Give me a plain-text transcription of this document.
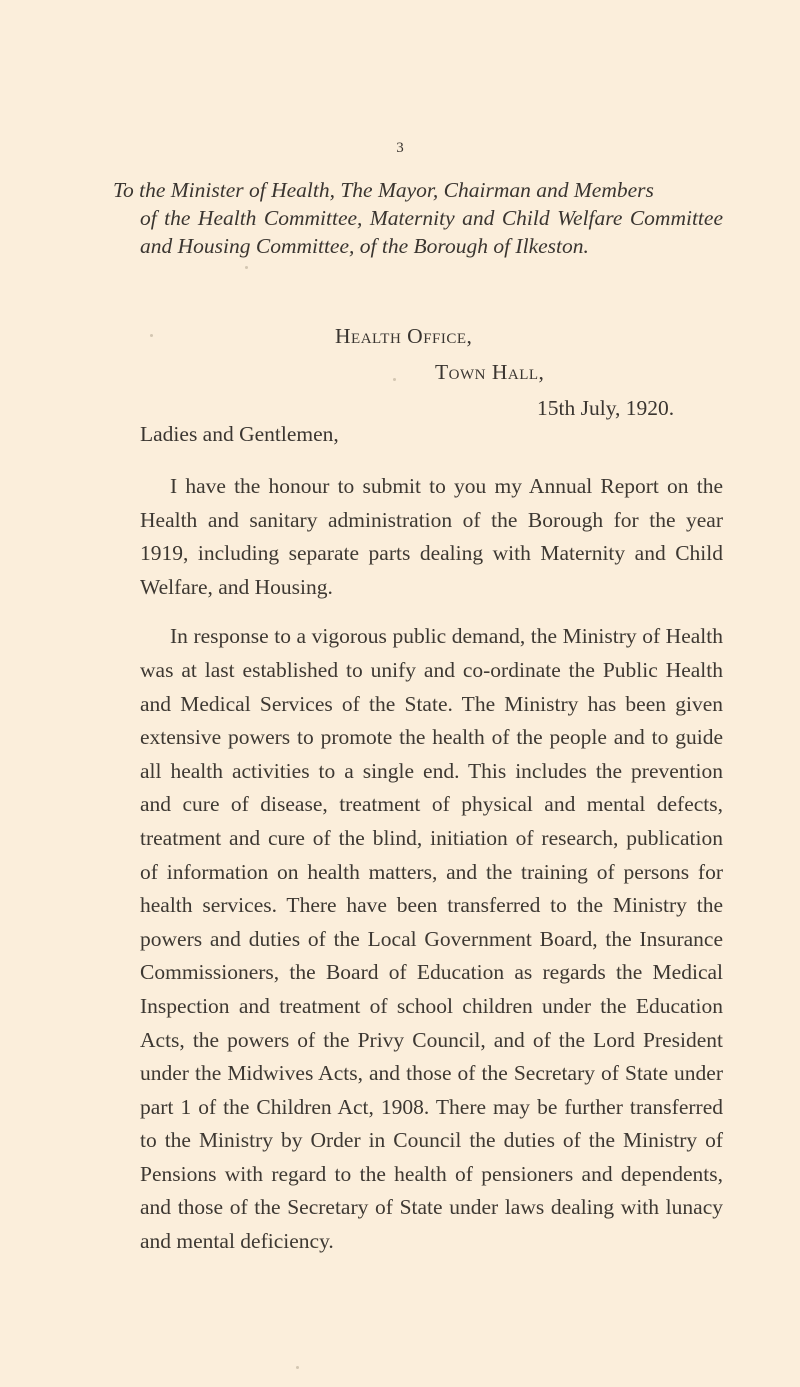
3

To the Minister of Health, The Mayor, Chairman and Members

of the Health Committee, Maternity and Child Welfare Committee and Housing Committee, of the Borough of Ilkeston.

Health Office,
Town Hall,
15th July, 1920.
Ladies and Gentlemen,

I have the honour to submit to you my Annual Report on the Health and sanitary administration of the Borough for the year 1919, including separate parts dealing with Maternity and Child Welfare, and Housing.

In response to a vigorous public demand, the Ministry of Health was at last established to unify and co-ordinate the Public Health and Medical Services of the State. The Ministry has been given extensive powers to promote the health of the people and to guide all health activities to a single end. This includes the prevention and cure of disease, treatment of physical and mental defects, treatment and cure of the blind, initiation of research, publication of information on health matters, and the training of persons for health services. There have been transferred to the Ministry the powers and duties of the Local Government Board, the Insurance Commissioners, the Board of Education as regards the Medical Inspection and treatment of school children under the Education Acts, the powers of the Privy Council, and of the Lord President under the Midwives Acts, and those of the Secretary of State under part 1 of the Children Act, 1908. There may be further transferred to the Ministry by Order in Council the duties of the Ministry of Pensions with regard to the health of pensioners and dependents, and those of the Secretary of State under laws dealing with lunacy and mental deficiency.
